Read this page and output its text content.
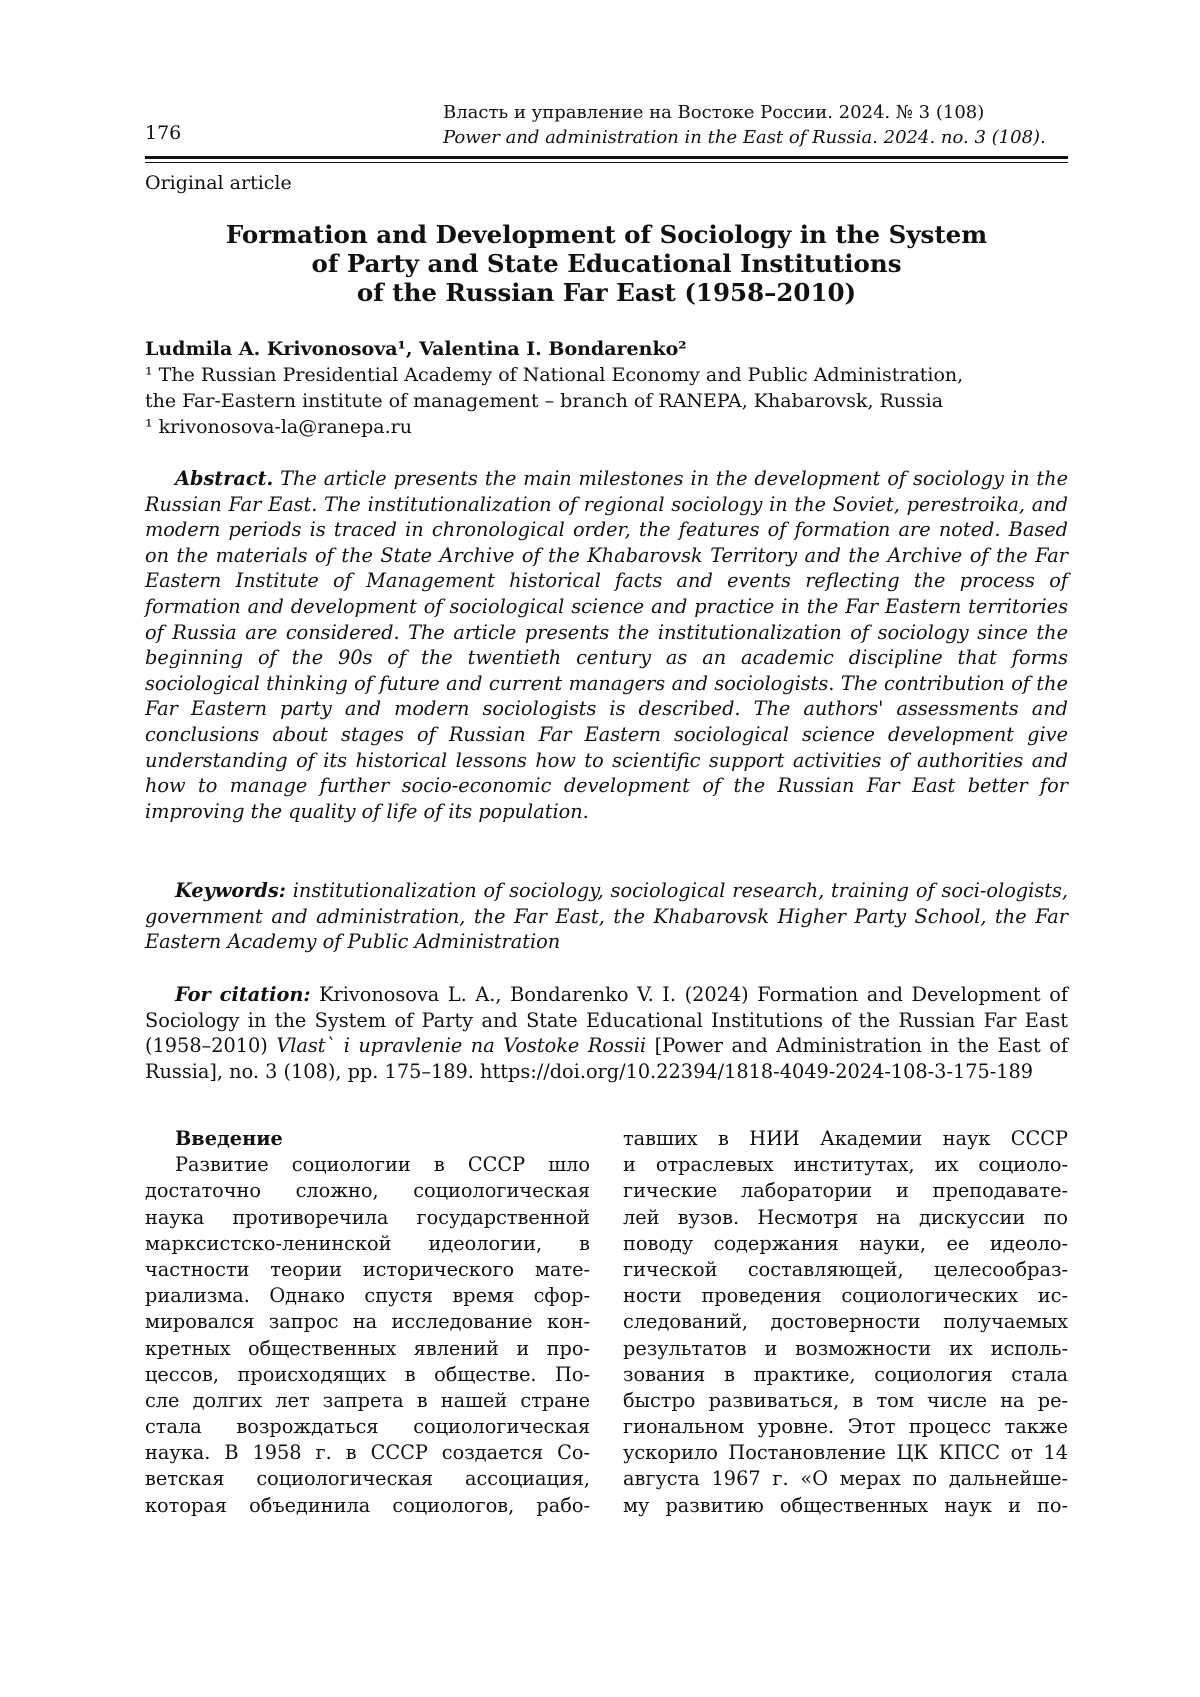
176
Власть и управление на Востоке России. 2024. № 3 (108)
Power and administration in the East of Russia. 2024. no. 3 (108).
Original article
Formation and Development of Sociology in the System
of Party and State Educational Institutions
of the Russian Far East (1958–2010)
Ludmila A. Krivonosova¹, Valentina I. Bondarenko²
¹ The Russian Presidential Academy of National Economy and Public Administration,
the Far-Eastern institute of management – branch of RANEPA, Khabarovsk, Russia
¹ krivonosova-la@ranepa.ru
Abstract. The article presents the main milestones in the development of sociology in the Russian Far East. The institutionalization of regional sociology in the Soviet, perestroika, and modern periods is traced in chronological order, the features of formation are noted. Based on the materials of the State Archive of the Khabarovsk Territory and the Archive of the Far Eastern Institute of Management historical facts and events reflecting the process of formation and development of sociological science and practice in the Far Eastern territories of Russia are considered. The article presents the institutionalization of sociology since the beginning of the 90s of the twentieth century as an academic discipline that forms sociological thinking of future and current managers and sociologists. The contribution of the Far Eastern party and modern sociologists is described. The authors' assessments and conclusions about stages of Russian Far Eastern sociological science development give understanding of its historical lessons how to scientific support activities of authorities and how to manage further socio-economic development of the Russian Far East better for improving the quality of life of its population.
Keywords: institutionalization of sociology, sociological research, training of soci-ologists, government and administration, the Far East, the Khabarovsk Higher Party School, the Far Eastern Academy of Public Administration
For citation: Krivonosova L. A., Bondarenko V. I. (2024) Formation and Development of Sociology in the System of Party and State Educational Institutions of the Russian Far East (1958–2010) Vlast` i upravlenie na Vostoke Rossii [Power and Administration in the East of Russia], no. 3 (108), pp. 175–189. https://doi.org/10.22394/1818-4049-2024-108-3-175-189
Введение
Развитие социологии в СССР шло
достаточно сложно, социологическая
наука противоречила государственной
марксистско-ленинской идеологии, в
частности теории исторического мате-
риализма. Однако спустя время сфор-
мировался запрос на исследование кон-
кретных общественных явлений и про-
цессов, происходящих в обществе. По-
сле долгих лет запрета в нашей стране
стала возрождаться социологическая
наука. В 1958 г. в СССР создается Со-
ветская социологическая ассоциация,
которая объединила социологов, рабо-
тавших в НИИ Академии наук СССР
и отраслевых институтах, их социоло-
гические лаборатории и преподавате-
лей вузов. Несмотря на дискуссии по
поводу содержания науки, ее идеоло-
гической составляющей, целесообраз-
ности проведения социологических ис-
следований, достоверности получаемых
результатов и возможности их исполь-
зования в практике, социология стала
быстро развиваться, в том числе на ре-
гиональном уровне. Этот процесс также
ускорило Постановление ЦК КПСС от 14
августа 1967 г. «О мерах по дальнейше-
му развитию общественных наук и по-
